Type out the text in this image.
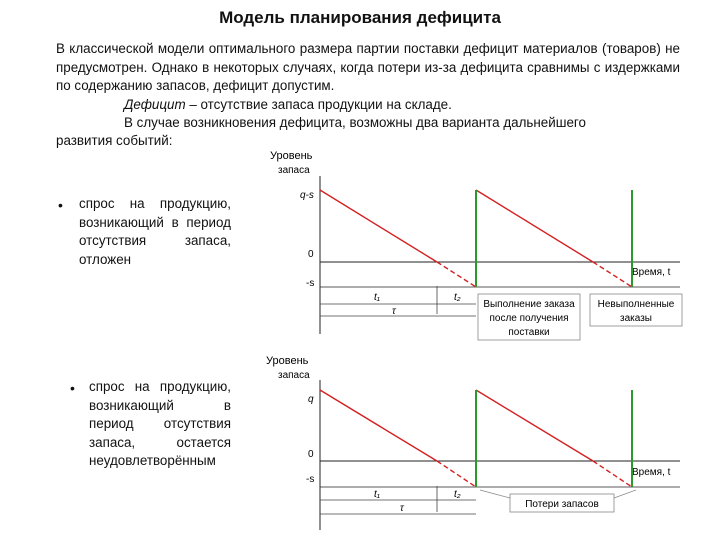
Модель планирования дефицита
В классической модели оптимального размера партии поставки дефицит материалов (товаров) не предусмотрен. Однако в некоторых случаях, когда потери из-за дефицита сравнимы с издержками по содержанию запасов, дефицит допустим.
Дефицит – отсутствие запаса продукции на складе.
В случае возникновения дефицита, возможны два варианта дальнейшего
развития событий:
• спрос на продукцию, возникающий в период отсутствия запаса, отложен
• спрос на продукцию, возникающий в период отсутствия запаса, остается неудовлетворённым
Уровень
запаса
q-s
0
-s
Время, t
t₁	t₂
τ
Выполнение заказа
после получения
поставки
Невыполненные
заказы
Уровень
запаса
q
0
-s
Время, t
t₁	t₂
τ	Потери запасов
